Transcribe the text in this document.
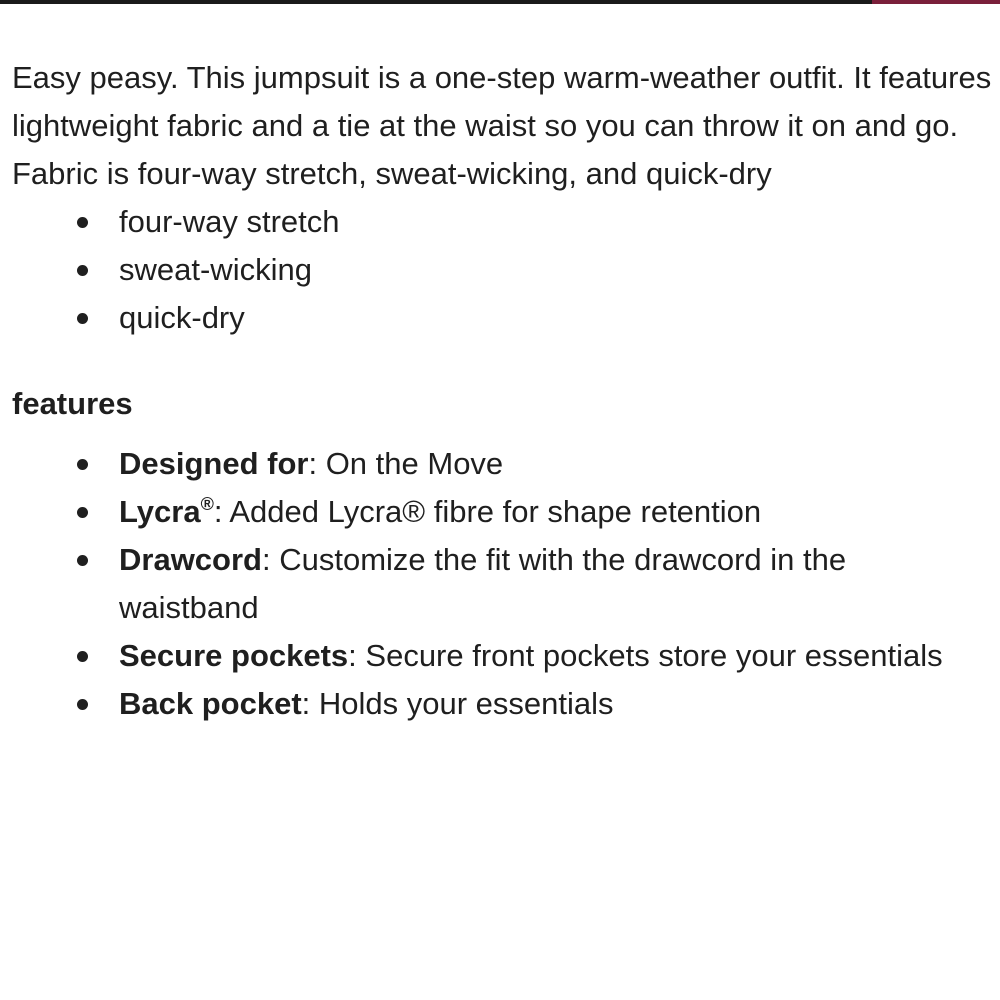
Easy peasy. This jumpsuit is a one-step warm-weather outfit. It features lightweight fabric and a tie at the waist so you can throw it on and go.

Fabric is four-way stretch, sweat-wicking, and quick-dry

four-way stretch
sweat-wicking
quick-dry
features
Designed for: On the Move
Lycra®: Added Lycra® fibre for shape retention
Drawcord: Customize the fit with the drawcord in the waistband
Secure pockets: Secure front pockets store your essentials
Back pocket: Holds your essentials
